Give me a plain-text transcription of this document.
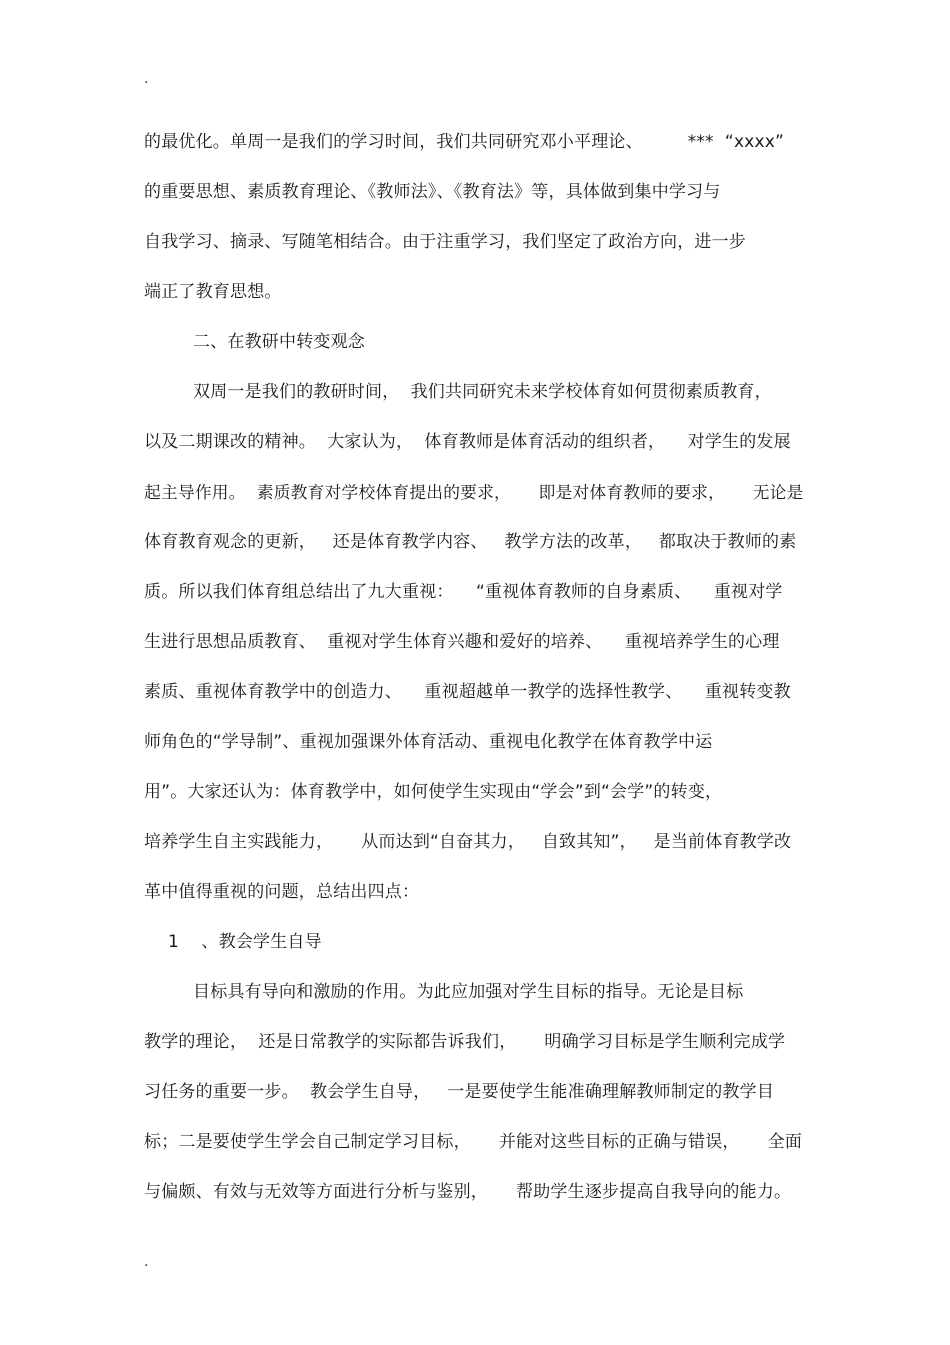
.
的最优化。单周一是我们的学习时间，我们共同研究邓小平理论、        ***  “xxxx”
的重要思想、素质教育理论、《教师法》、《教育法》等，具体做到集中学习与
自我学习、摘录、写随笔相结合。由于注重学习，我们坚定了政治方向，进一步
端正了教育思想。
二、在教研中转变观念
双周一是我们的教研时间，  我们共同研究未来学校体育如何贯彻素质教育，
以及二期课改的精神。  大家认为，  体育教师是体育活动的组织者，    对学生的发展
起主导作用。  素质教育对学校体育提出的要求，     即是对体育教师的要求，     无论是
体育教育观念的更新，   还是体育教学内容、   教学方法的改革，   都取决于教师的素
质。所以我们体育组总结出了九大重视：    “重视体育教师的自身素质、    重视对学
生进行思想品质教育、  重视对学生体育兴趣和爱好的培养、    重视培养学生的心理
素质、重视体育教学中的创造力、    重视超越单一教学的选择性教学、    重视转变教
师角色的“学导制”、重视加强课外体育活动、重视电化教学在体育教学中运
用”。大家还认为：体育教学中，如何使学生实现由“学会”到“会学”的转变，
培养学生自主实践能力，     从而达到“自奋其力，   自致其知”，   是当前体育教学改
革中值得重视的问题，总结出四点：
1    、教会学生自导
目标具有导向和激励的作用。为此应加强对学生目标的指导。无论是目标
教学的理论，  还是日常教学的实际都告诉我们，     明确学习目标是学生顺利完成学
习任务的重要一步。  教会学生自导，   一是要使学生能准确理解教师制定的教学目
标；二是要使学生学会自己制定学习目标，     并能对这些目标的正确与错误，     全面
与偏颇、有效与无效等方面进行分析与鉴别，     帮助学生逐步提高自我导向的能力。
.
